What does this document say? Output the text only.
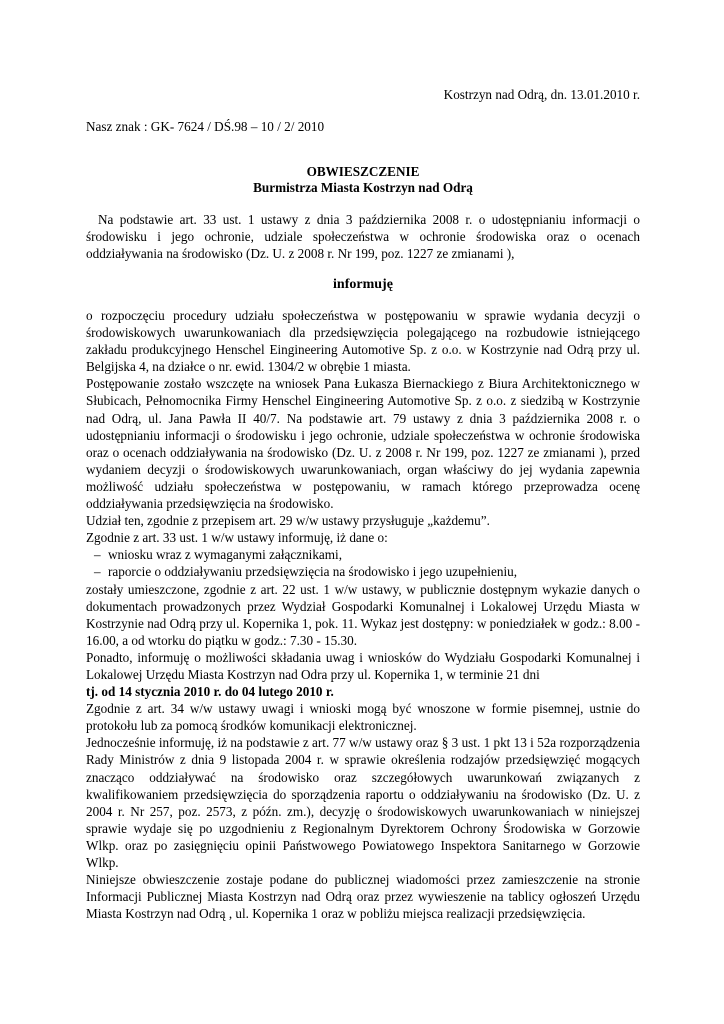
Kostrzyn nad Odrą, dn. 13.01.2010 r.
Nasz znak : GK- 7624 / DŚ.98 – 10 / 2/ 2010
OBWIESZCZENIE
Burmistrza Miasta Kostrzyn nad Odrą
Na podstawie art. 33 ust. 1 ustawy z dnia 3 października 2008 r. o udostępnianiu informacji o środowisku i jego ochronie, udziale społeczeństwa w ochronie środowiska oraz o ocenach oddziaływania na środowisko (Dz. U. z 2008 r. Nr 199, poz. 1227 ze zmianami ),
informuję

o rozpoczęciu procedury udziału społeczeństwa w postępowaniu w sprawie wydania decyzji o środowiskowych uwarunkowaniach dla przedsięwzięcia polegającego na rozbudowie istniejącego zakładu produkcyjnego Henschel Eingineering Automotive Sp. z o.o. w Kostrzynie nad Odrą przy ul. Belgijska 4, na działce o nr. ewid. 1304/2 w obrębie 1 miasta.

Postępowanie zostało wszczęte na wniosek Pana Łukasza Biernackiego z Biura Architektonicznego w Słubicach, Pełnomocnika Firmy Henschel Eingineering Automotive Sp. z o.o. z siedzibą w Kostrzynie nad Odrą, ul. Jana Pawła II 40/7. Na podstawie art. 79 ustawy z dnia 3 października 2008 r. o udostępnianiu informacji o środowisku i jego ochronie, udziale społeczeństwa w ochronie środowiska oraz o ocenach oddziaływania na środowisko (Dz. U. z 2008 r. Nr 199, poz. 1227 ze zmianami ), przed wydaniem decyzji o środowiskowych uwarunkowaniach, organ właściwy do jej wydania zapewnia możliwość udziału społeczeństwa w postępowaniu, w ramach którego przeprowadza ocenę oddziaływania przedsięwzięcia na środowisko.

Udział ten, zgodnie z przepisem art. 29 w/w ustawy przysługuje „każdemu”.

Zgodnie z art. 33 ust. 1 w/w ustawy informuję, iż dane o:

– wniosku wraz z wymaganymi załącznikami,
– raporcie o oddziaływaniu przedsięwzięcia na środowisko i jego uzupełnieniu,

zostały umieszczone, zgodnie z art. 22 ust. 1 w/w ustawy, w publicznie dostępnym wykazie danych o dokumentach prowadzonych przez Wydział Gospodarki Komunalnej i Lokalowej Urzędu Miasta w Kostrzynie nad Odrą przy ul. Kopernika 1, pok. 11. Wykaz jest dostępny: w poniedziałek w godz.: 8.00 - 16.00, a od wtorku do piątku w godz.: 7.30 - 15.30.

Ponadto, informuję o możliwości składania uwag i wniosków do Wydziału Gospodarki Komunalnej i Lokalowej Urzędu Miasta Kostrzyn nad Odra przy ul. Kopernika 1, w terminie 21 dni

tj. od 14 stycznia 2010 r. do 04 lutego 2010 r.

Zgodnie z art. 34 w/w ustawy uwagi i wnioski mogą być wnoszone w formie pisemnej, ustnie do protokołu lub za pomocą środków komunikacji elektronicznej.

Jednocześnie informuję, iż na podstawie z art. 77 w/w ustawy oraz § 3 ust. 1 pkt 13 i 52a rozporządzenia Rady Ministrów z dnia 9 listopada 2004 r. w sprawie określenia rodzajów przedsięwzięć mogących znacząco oddziaływać na środowisko oraz szczegółowych uwarunkowań związanych z kwalifikowaniem przedsięwzięcia do sporządzenia raportu o oddziaływaniu na środowisko (Dz. U. z 2004 r. Nr 257, poz. 2573, z późn. zm.), decyzję o środowiskowych uwarunkowaniach w niniejszej sprawie wydaje się po uzgodnieniu z Regionalnym Dyrektorem Ochrony Środowiska w Gorzowie Wlkp. oraz po zasięgnięciu opinii Państwowego Powiatowego Inspektora Sanitarnego w Gorzowie Wlkp.

Niniejsze obwieszczenie zostaje podane do publicznej wiadomości przez zamieszczenie na stronie Informacji Publicznej Miasta Kostrzyn nad Odrą oraz przez wywieszenie na tablicy ogłoszeń Urzędu Miasta Kostrzyn nad Odrą , ul. Kopernika 1 oraz w pobliżu miejsca realizacji przedsięwzięcia.
